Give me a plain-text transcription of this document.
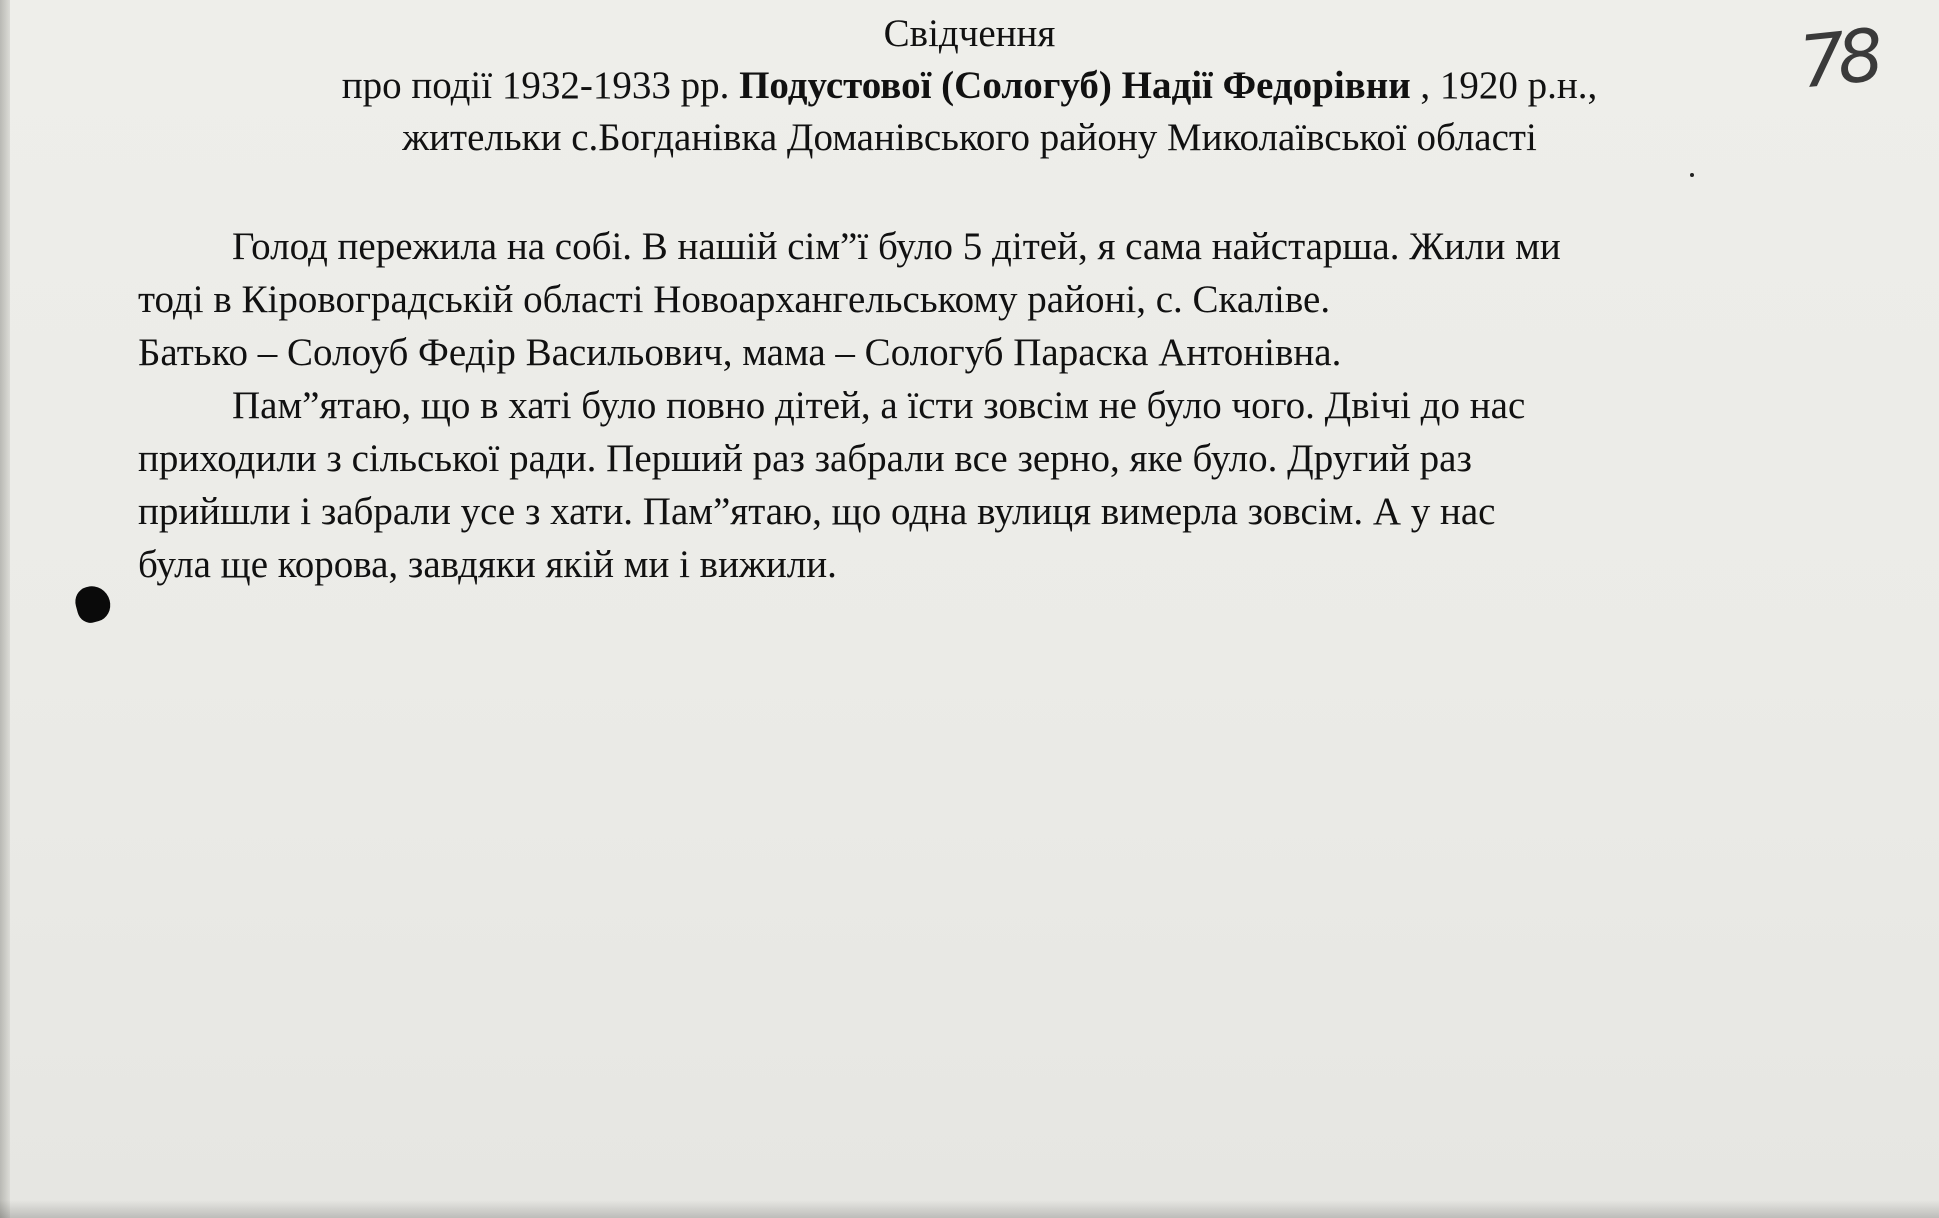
Свідчення
про події 1932-1933 рр. Подустової (Сологуб) Надії Федорівни , 1920 р.н.,
жительки с.Богданівка Доманівського району Миколаївської області
78

Голод пережила на собі. В нашій сім”ї було 5 дітей, я сама найстарша. Жили ми

тоді в Кіровоградській області Новоархангельському районі, с. Скаліве.

Батько – Солоуб Федір Васильович, мама – Сологуб Параска Антонівна.

Пам”ятаю, що в хаті було повно дітей, а їсти зовсім не було чого. Двічі до нас

приходили з сільської ради. Перший раз забрали все зерно, яке було. Другий раз
прийшли і забрали усе з хати. Пам”ятаю, що одна вулиця вимерла зовсім. А у нас
була ще корова, завдяки якій ми і вижили.
